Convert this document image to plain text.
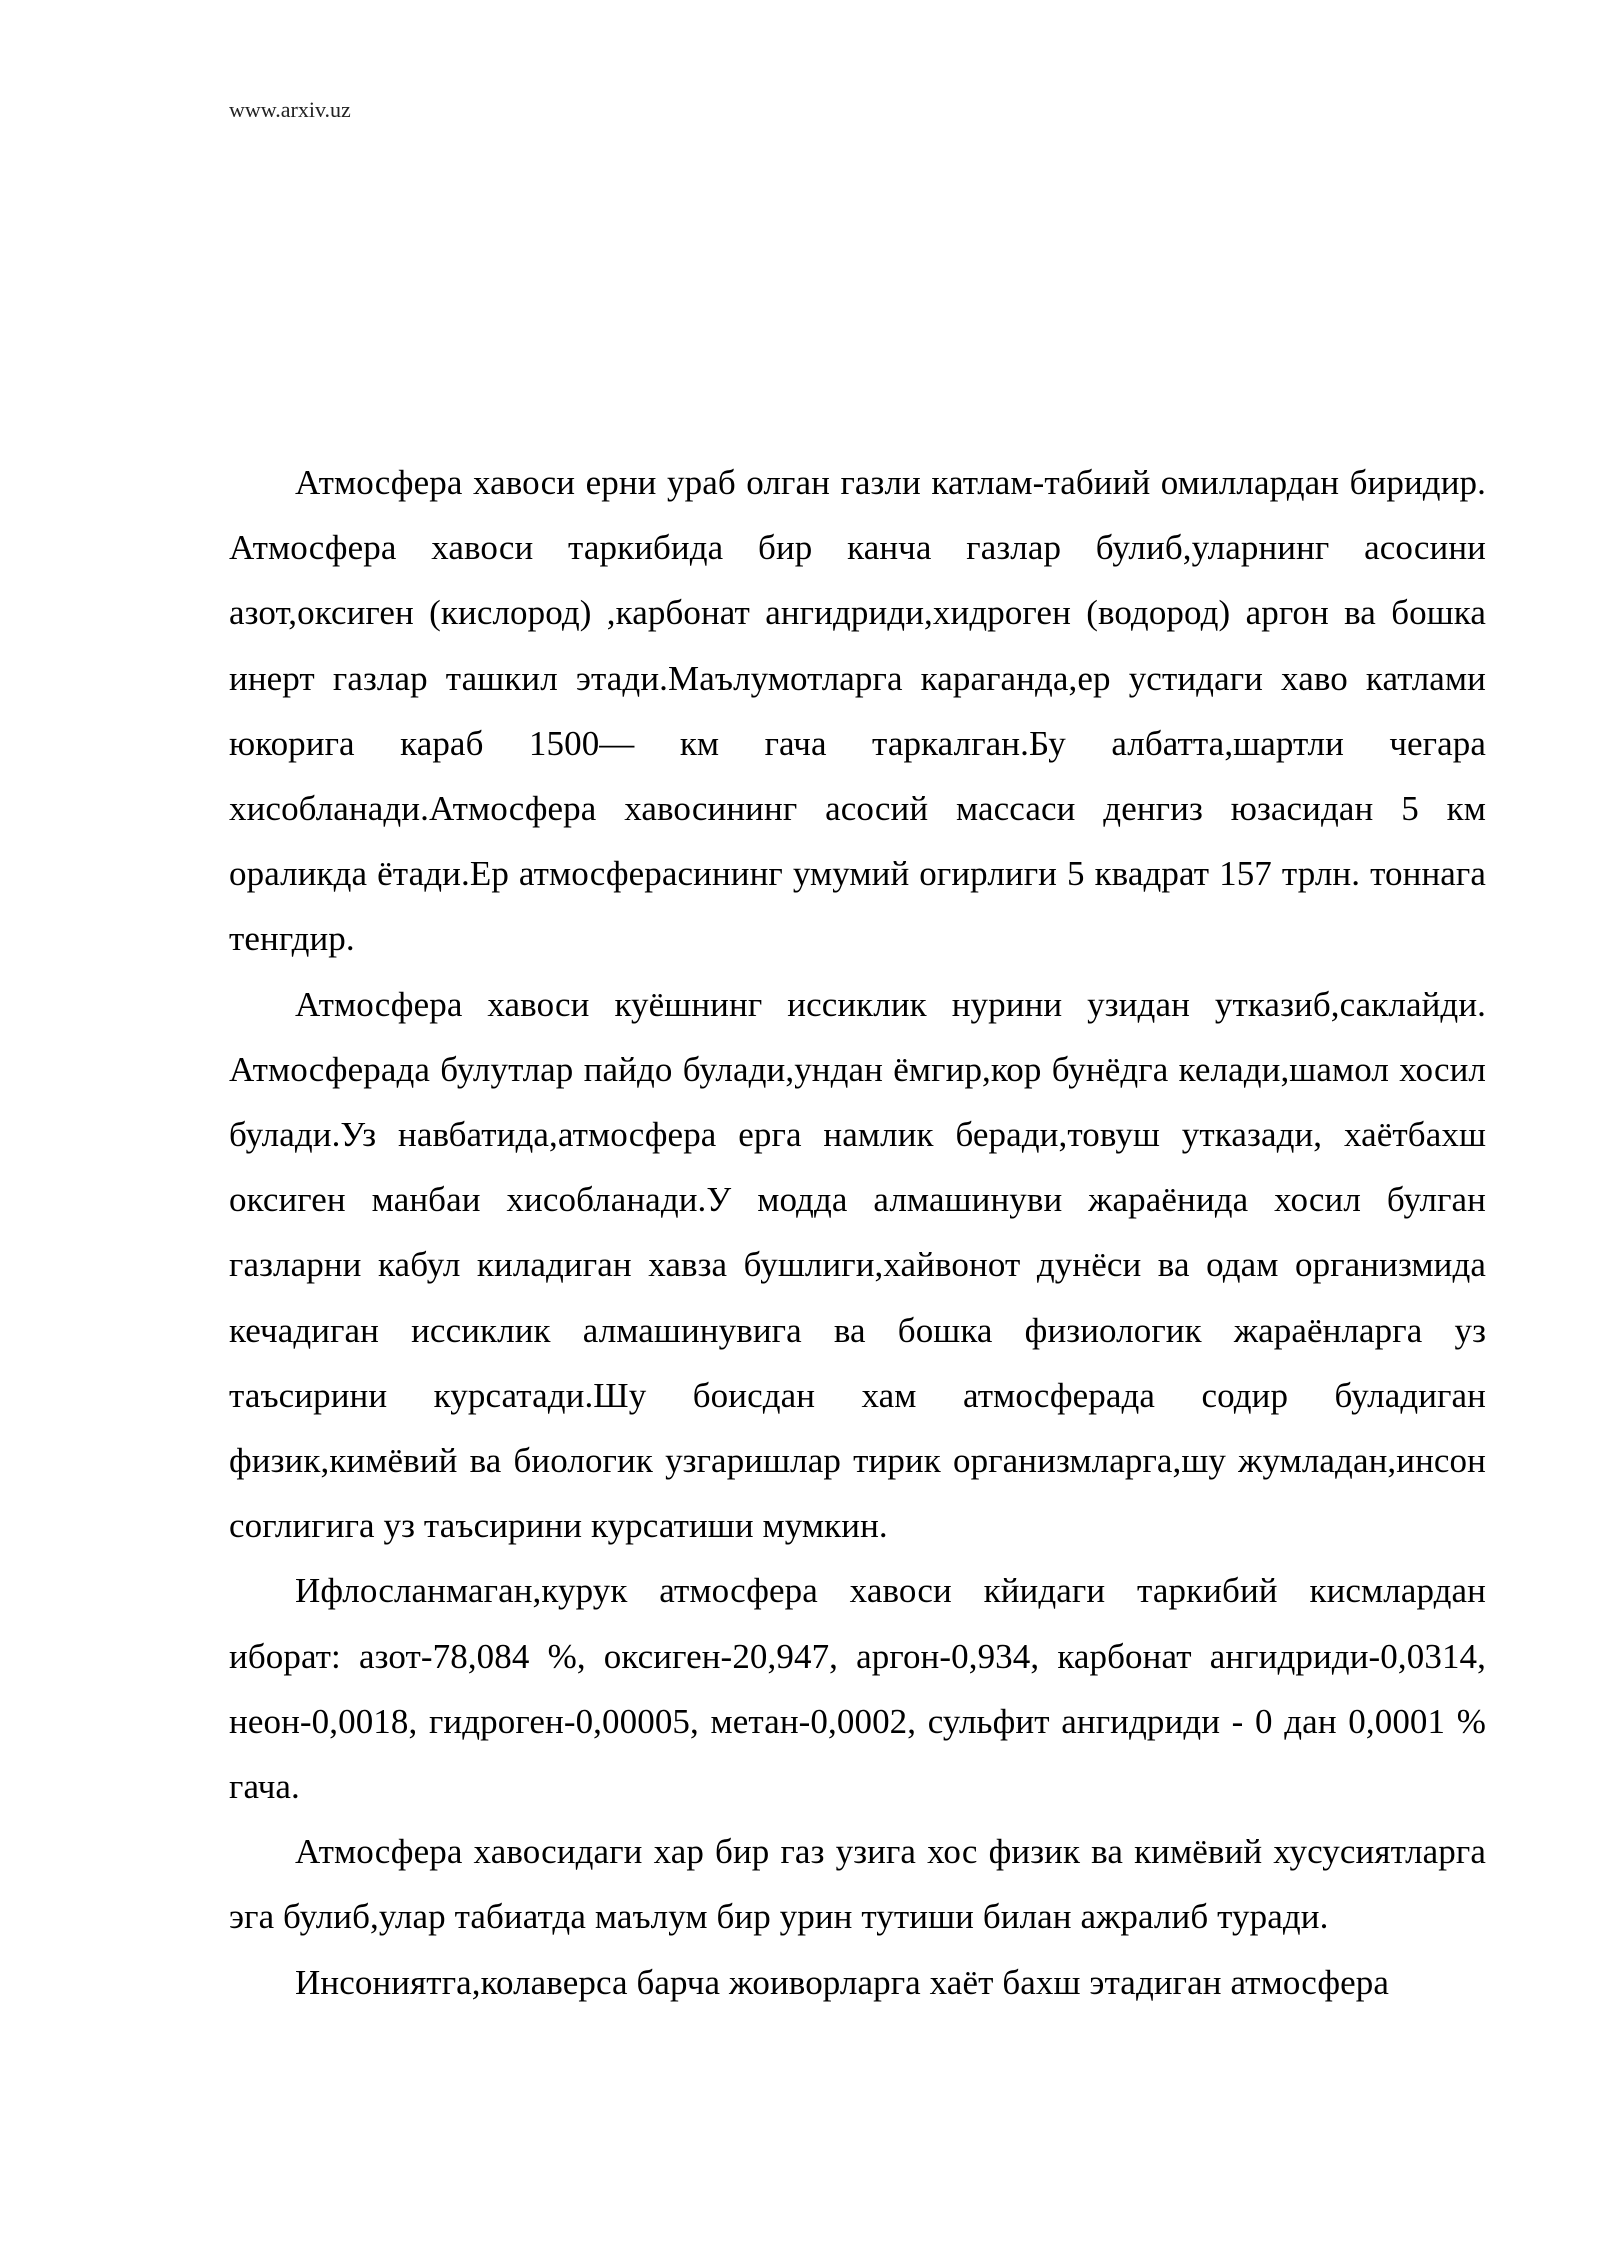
www.arxiv.uz

Атмосфера хавоси ерни ураб олган газли катлам-табиий омиллардан биридир. Атмосфера хавоси таркибида бир канча газлар булиб,уларнинг асосини азот,оксиген (кислород) ,карбонат ангидриди,хидроген (водород) аргон ва бошка инерт газлар ташкил этади.Маълумотларга караганда,ер устидаги хаво катлами юкорига караб 1500— км гача таркалган.Бу албатта,шартли чегара хисобланади.Атмосфера хавосининг асосий массаси денгиз юзасидан 5 км ораликда ётади.Ер атмосферасининг умумий огирлиги 5 квадрат 157 трлн. тоннага тенгдир.

Атмосфера хавоси куёшнинг иссиклик нурини узидан утказиб,саклайди. Атмосферада булутлар пайдо булади,ундан ёмгир,кор бунёдга келади,шамол хосил булади.Уз навбатида,атмосфера ерга намлик беради,товуш утказади, хаётбахш оксиген манбаи хисобланади.У модда алмашинуви жараёнида хосил булган газларни кабул киладиган хавза бушлиги,хайвонот дунёси ва одам организмида кечадиган иссиклик алмашинувига ва бошка физиологик жараёнларга уз таъсирини курсатади.Шу боисдан хам атмосферада содир буладиган физик,кимёвий ва биологик узгаришлар тирик организмларга,шу жумладан,инсон соглигига уз таъсирини курсатиши мумкин.

Ифлосланмаган,курук атмосфера хавоси кйидаги таркибий кисмлардан иборат: азот-78,084 %, оксиген-20,947, аргон-0,934, карбонат ангидриди-0,0314, неон-0,0018, гидроген-0,00005, метан-0,0002, сульфит ангидриди - 0 дан 0,0001 % гача.

Атмосфера хавосидаги хар бир газ узига хос физик ва кимёвий хусусиятларга эга булиб,улар табиатда маълум бир урин тутиши билан ажралиб туради.

Инсониятга,колаверса барча жоиворларга хаёт бахш этадиган атмосфера
